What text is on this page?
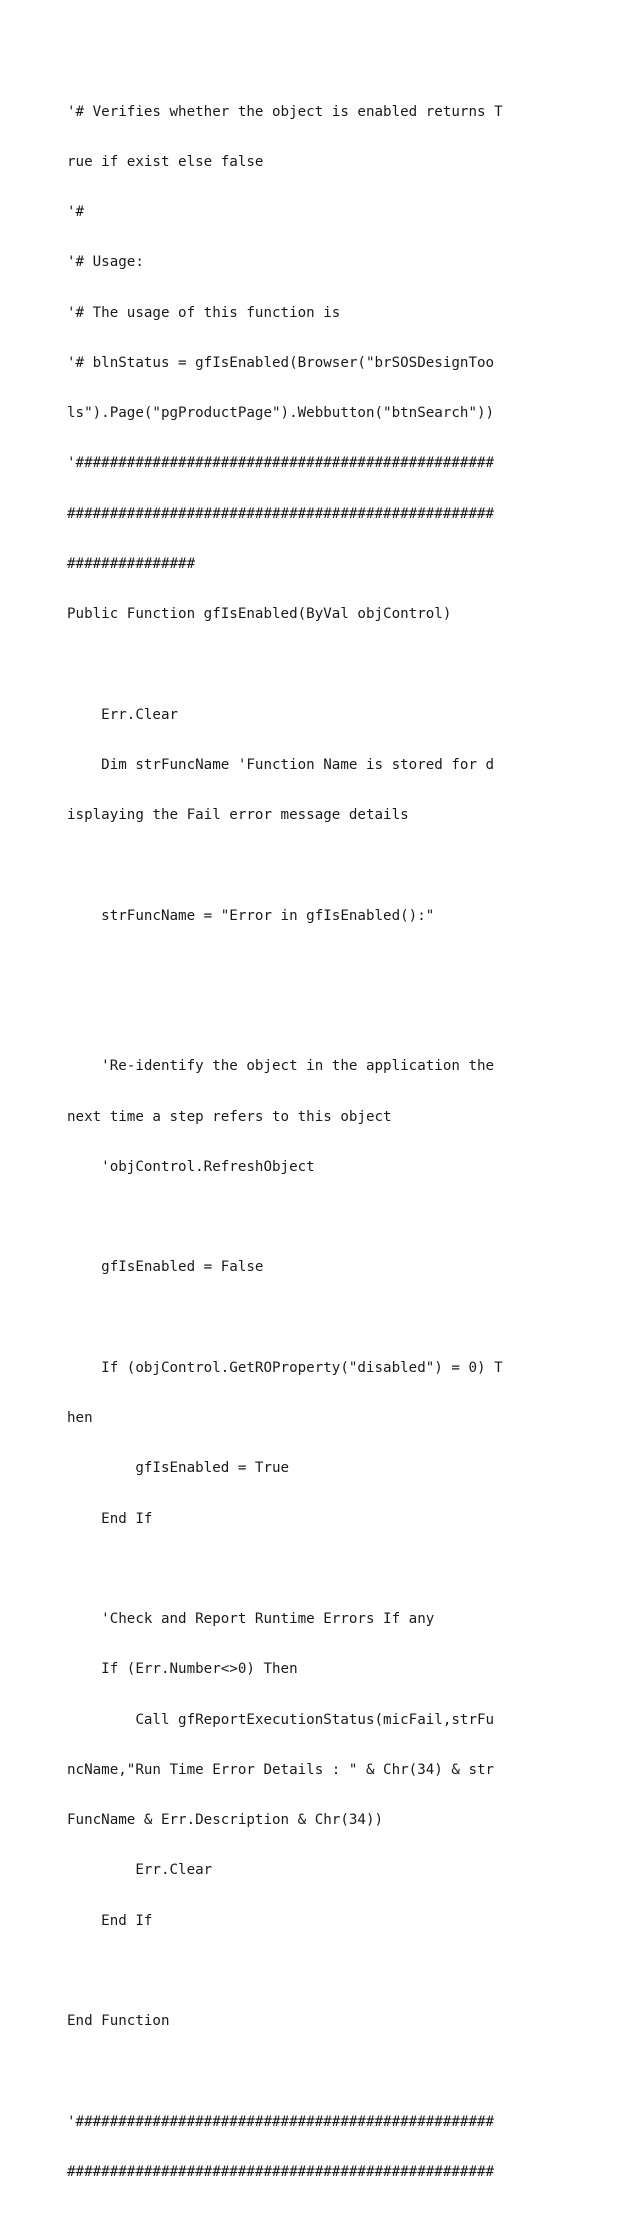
'# Verifies whether the object is enabled returns T

rue if exist else false

'#

'# Usage:

'# The usage of this function is

'# blnStatus = gfIsEnabled(Browser("brSOSDesignToo

ls").Page("pgProductPage").Webbutton("btnSearch"))

'#################################################

##################################################

###############

Public Function gfIsEnabled(ByVal objControl)

Err.Clear

Dim strFuncName 'Function Name is stored for d

isplaying the Fail error message details

strFuncName = "Error in gfIsEnabled():"

'Re-identify the object in the application the

next time a step refers to this object

'objControl.RefreshObject

gfIsEnabled = False

If (objControl.GetROProperty("disabled") = 0) T

hen

gfIsEnabled = True

End If

'Check and Report Runtime Errors If any

If (Err.Number<>0) Then

Call gfReportExecutionStatus(micFail,strFu

ncName,"Run Time Error Details : " & Chr(34) & str

FuncName & Err.Description & Chr(34))

Err.Clear

End If

End Function

'#################################################

##################################################
